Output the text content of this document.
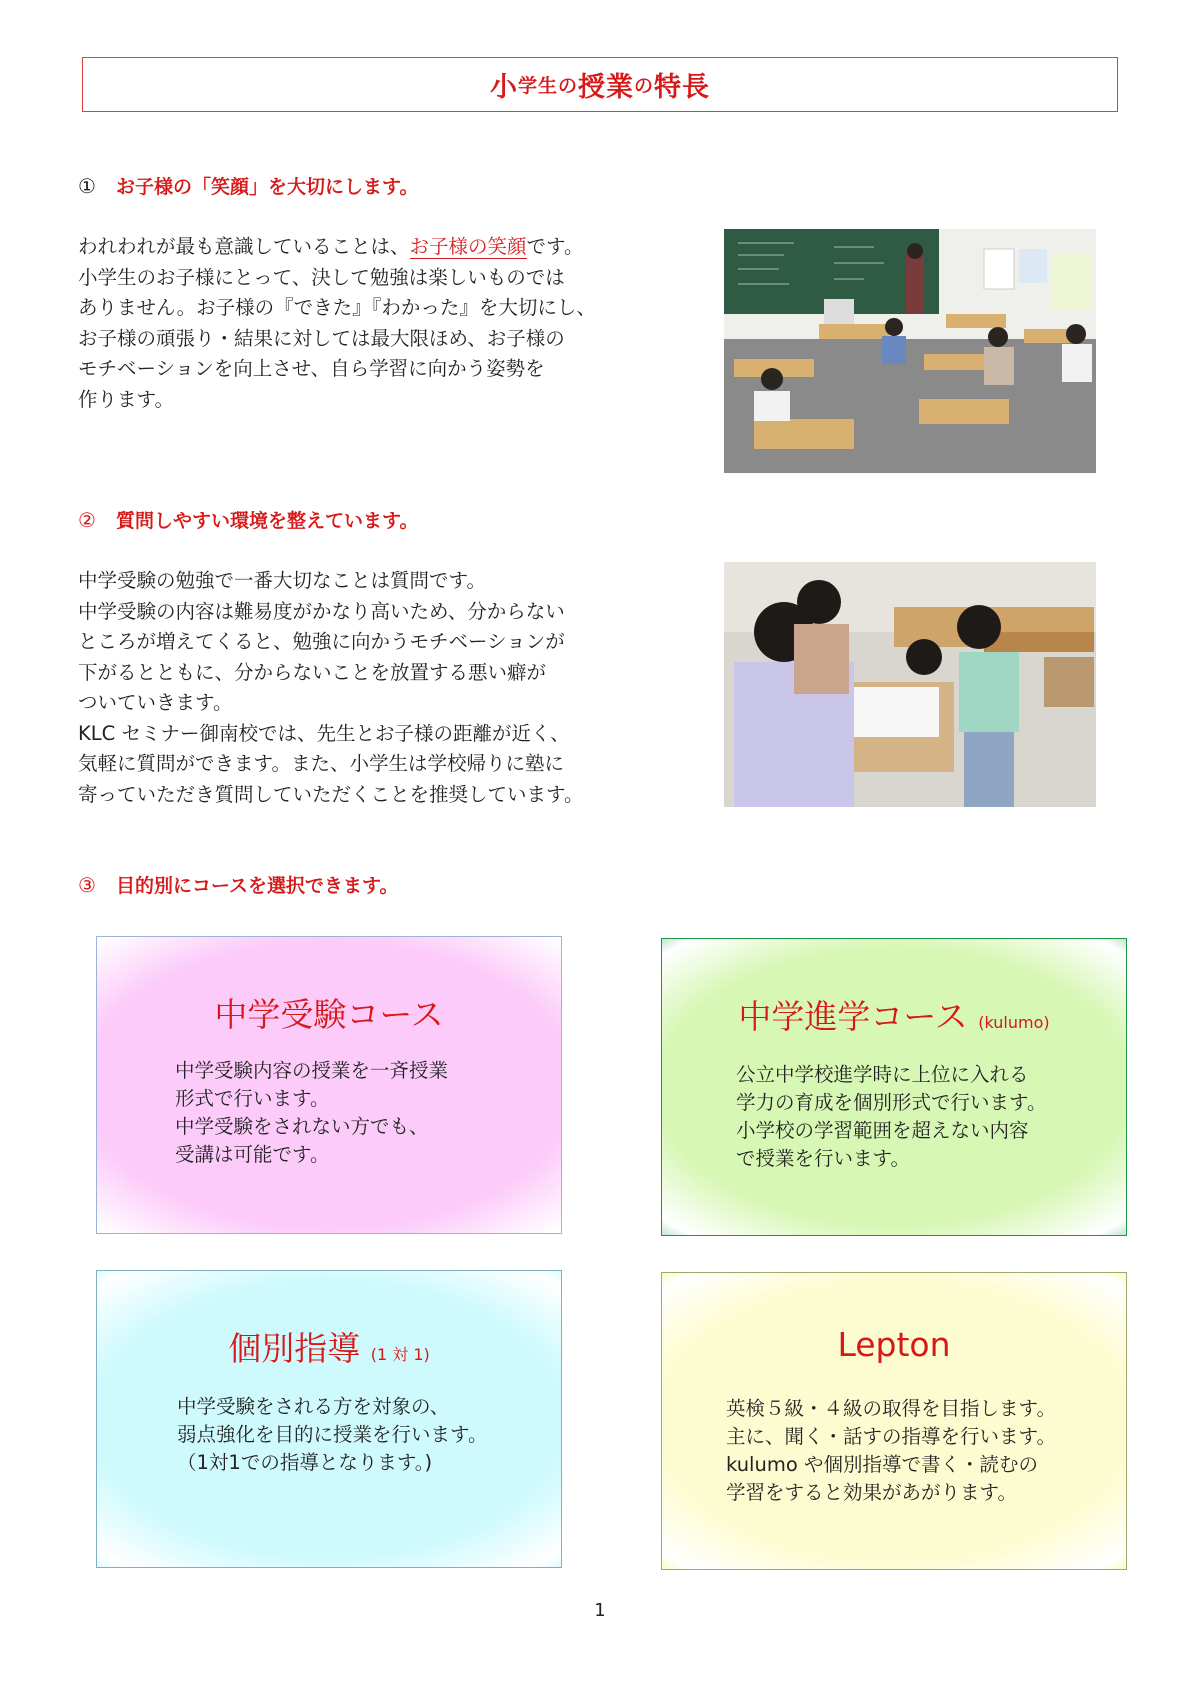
小 学生の 授業 の 特長
①	お子様の「笑顔」を大切にします。
われわれが最も意識していることは、お子様の笑顔です。
小学生のお子様にとって、決して勉強は楽しいものでは
ありません。お子様の『できた』『わかった』を大切にし、
お子様の頑張り・結果に対しては最大限ほめ、お子様の
モチベーションを向上させ、自ら学習に向かう姿勢を
作ります。
②	質問しやすい環境を整えています。
中学受験の勉強で一番大切なことは質問です。
中学受験の内容は難易度がかなり高いため、分からない
ところが増えてくると、勉強に向かうモチベーションが
下がるとともに、分からないことを放置する悪い癖が
ついていきます。
KLC セミナー御南校では、先生とお子様の距離が近く、
気軽に質問ができます。また、小学生は学校帰りに塾に
寄っていただき質問していただくことを推奨しています。
③	目的別にコースを選択できます。
中学受験コース
中学受験内容の授業を一斉授業
形式で行います。
中学受験をされない方でも、
受講は可能です。
中学進学コース (kulumo)
公立中学校進学時に上位に入れる
学力の育成を個別形式で行います。
小学校の学習範囲を超えない内容
で授業を行います。
個別指導 (1 対 1)
中学受験をされる方を対象の、
弱点強化を目的に授業を行います。
（1対1での指導となります。)
Lepton
英検５級・４級の取得を目指します。
主に、聞く・話すの指導を行います。
kulumo や個別指導で書く・読むの
学習をすると効果があがります。
1
